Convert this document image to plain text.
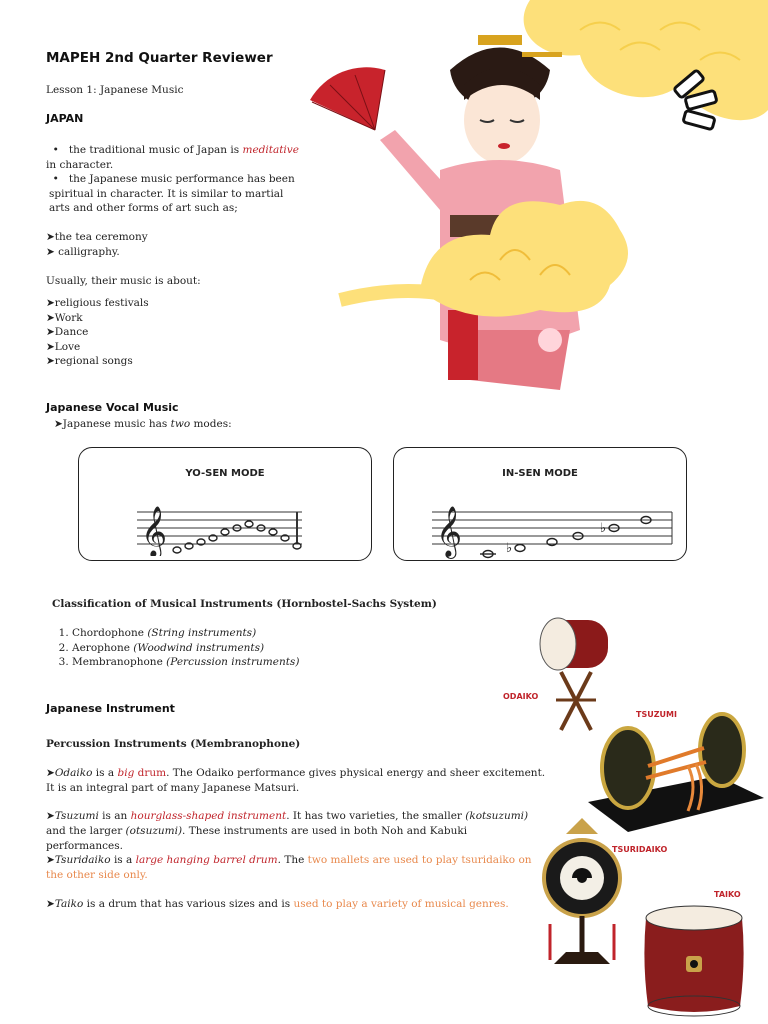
MAPEH 2nd Quarter Reviewer
Lesson 1: Japanese Music
JAPAN
•   the traditional music of Japan is meditative
in character.
•   the Japanese music performance has been
spiritual in character. It is similar to martial
arts and other forms of art such as;
➤the tea ceremony
➤ calligraphy.
Usually, their music is about:
➤religious festivals
➤Work
➤Dance
➤Love
➤regional songs
Japanese Vocal Music
➤Japanese music has two modes:
YO-SEN MODE
𝄞
IN-SEN MODE
𝄞	♭
♭
Classification of Musical Instruments (Hornbostel-Sachs System)
1. Chordophone (String instruments)
2. Aerophone (Woodwind instruments)
3. Membranophone (Percussion instruments)
Japanese Instrument
Percussion Instruments (Membranophone)
➤Odaiko is a big drum. The Odaiko performance gives physical energy and sheer excitement. It is an integral part of many Japanese Matsuri.
➤Tsuzumi is an hourglass-shaped instrument. It has two varieties, the smaller (kotsuzumi) and the larger (otsuzumi). These instruments are used in both Noh and Kabuki performances.
➤Tsuridaiko is a large hanging barrel drum. The two mallets are used to play tsuridaiko on the other side only.
➤Taiko is a drum that has various sizes and is used to play a variety of musical genres.
ODAIKO
TSUZUMI
TSURIDAIKO
TAIKO
